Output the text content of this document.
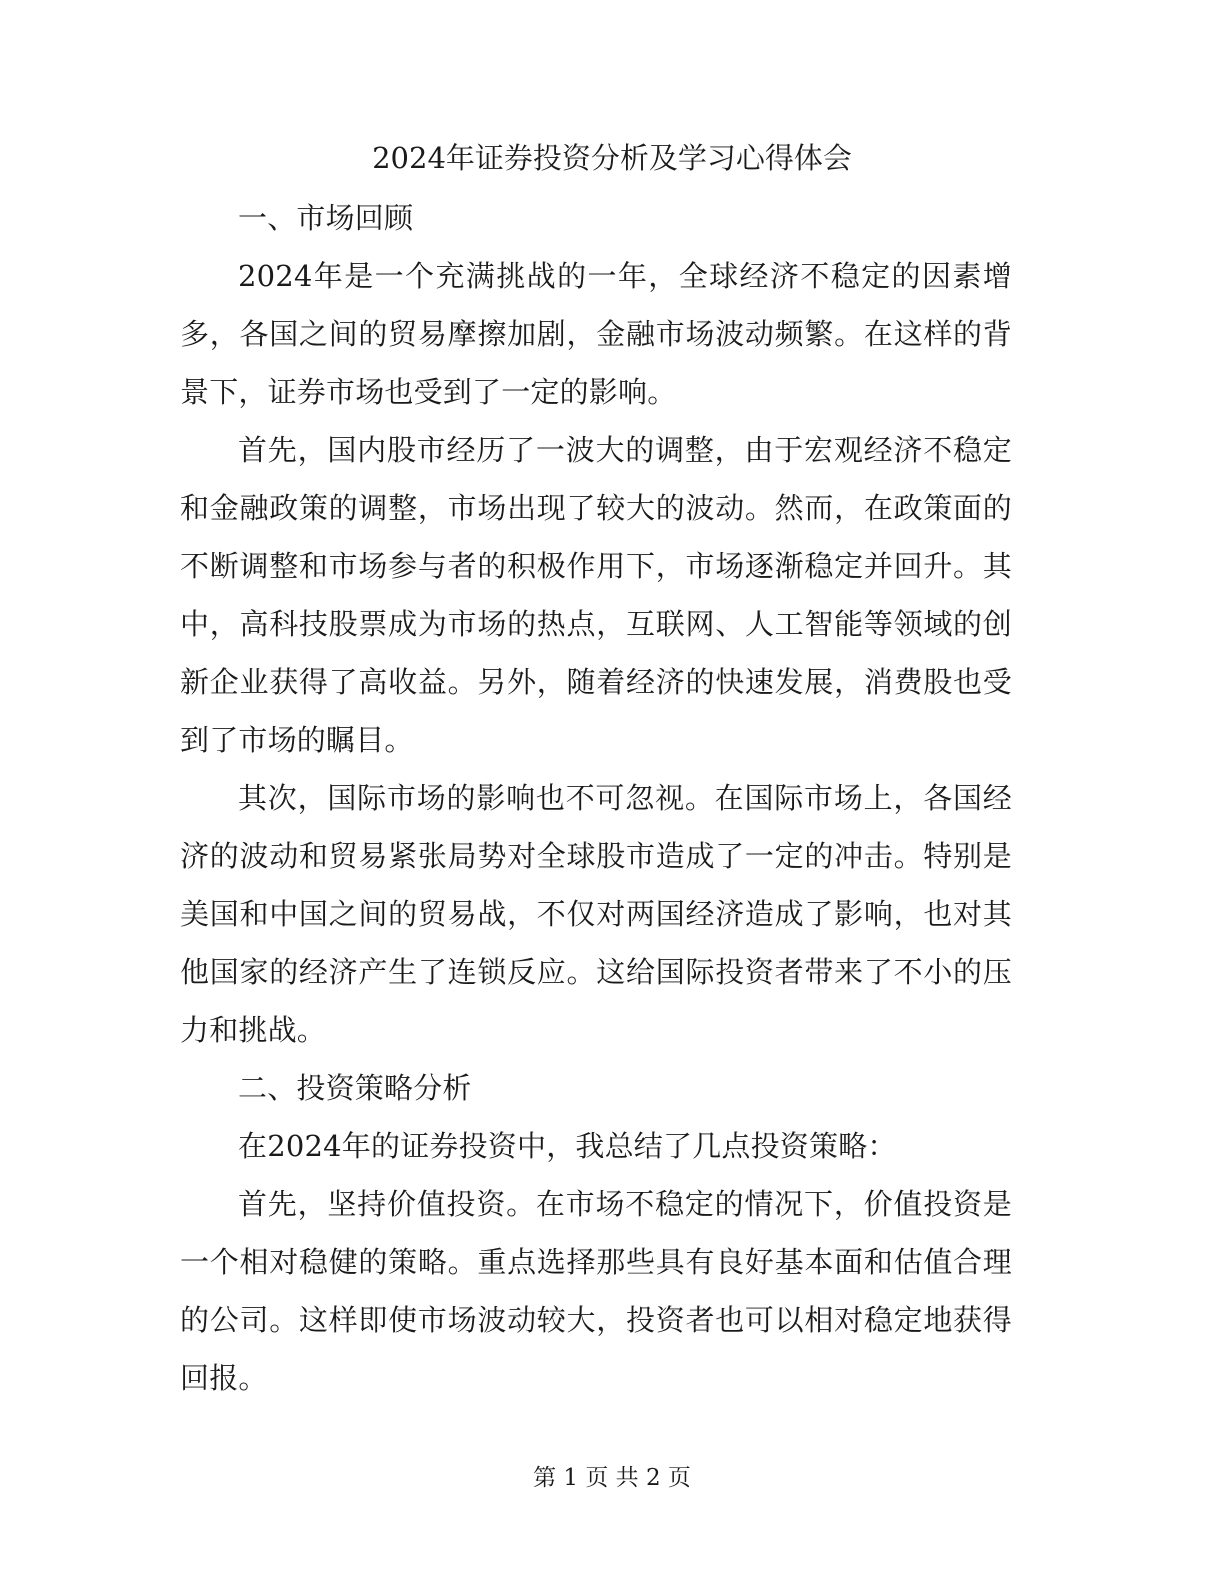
2024年证券投资分析及学习心得体会

一、市场回顾

2024年是一个充满挑战的一年，全球经济不稳定的因素增多，各国之间的贸易摩擦加剧，金融市场波动频繁。在这样的背景下，证券市场也受到了一定的影响。

首先，国内股市经历了一波大的调整，由于宏观经济不稳定和金融政策的调整，市场出现了较大的波动。然而，在政策面的不断调整和市场参与者的积极作用下，市场逐渐稳定并回升。其中，高科技股票成为市场的热点，互联网、人工智能等领域的创新企业获得了高收益。另外，随着经济的快速发展，消费股也受到了市场的瞩目。

其次，国际市场的影响也不可忽视。在国际市场上，各国经济的波动和贸易紧张局势对全球股市造成了一定的冲击。特别是美国和中国之间的贸易战，不仅对两国经济造成了影响，也对其他国家的经济产生了连锁反应。这给国际投资者带来了不小的压力和挑战。

二、投资策略分析

在2024年的证券投资中，我总结了几点投资策略：

首先，坚持价值投资。在市场不稳定的情况下，价值投资是一个相对稳健的策略。重点选择那些具有良好基本面和估值合理的公司。这样即使市场波动较大，投资者也可以相对稳定地获得回报。

第 1 页 共 2 页
